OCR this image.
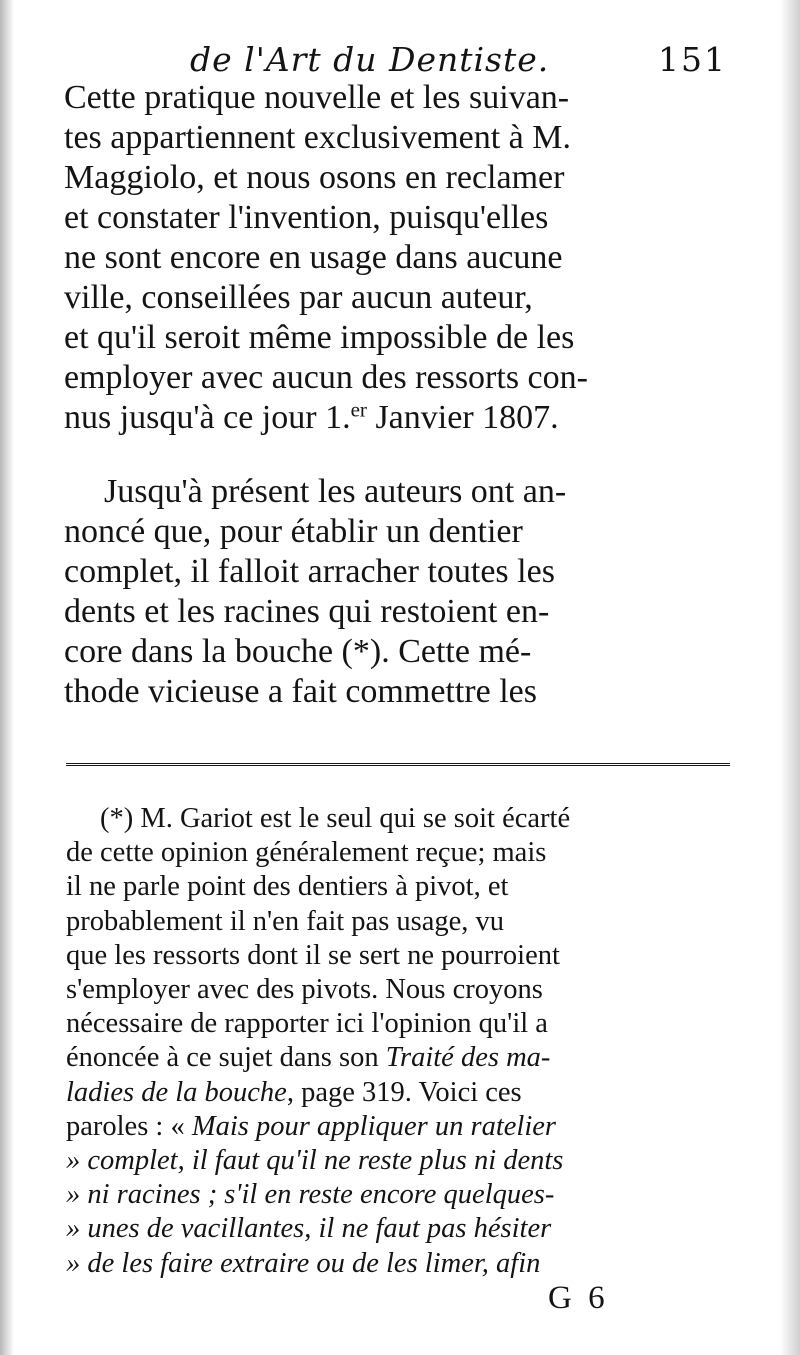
de l'Art du Dentiste.	151
Cette pratique nouvelle et les suivan-
tes appartiennent exclusivement à M.
Maggiolo, et nous osons en reclamer
et constater l'invention, puisqu'elles
ne sont encore en usage dans aucune
ville, conseillées par aucun auteur,
et qu'il seroit même impossible de les
employer avec aucun des ressorts con-
nus jusqu'à ce jour 1.$^{er}$ Janvier 1807.
Jusqu'à présent les auteurs ont an-
noncé que, pour établir un dentier
complet, il falloit arracher toutes les
dents et les racines qui restoient en-
core dans la bouche (*). Cette mé-
thode vicieuse a fait commettre les
(*) M. Gariot est le seul qui se soit écarté
de cette opinion généralement reçue; mais
il ne parle point des dentiers à pivot, et
probablement il n'en fait pas usage, vu
que les ressorts dont il se sert ne pourroient
s'employer avec des pivots. Nous croyons
nécessaire de rapporter ici l'opinion qu'il a
énoncée à ce sujet dans son Traité des ma-
ladies de la bouche, page 319. Voici ces
paroles : « Mais pour appliquer un ratelier
» complet, il faut qu'il ne reste plus ni dents
» ni racines ; s'il en reste encore quelques-
» unes de vacillantes, il ne faut pas hésiter
» de les faire extraire ou de les limer, afin
G 6
